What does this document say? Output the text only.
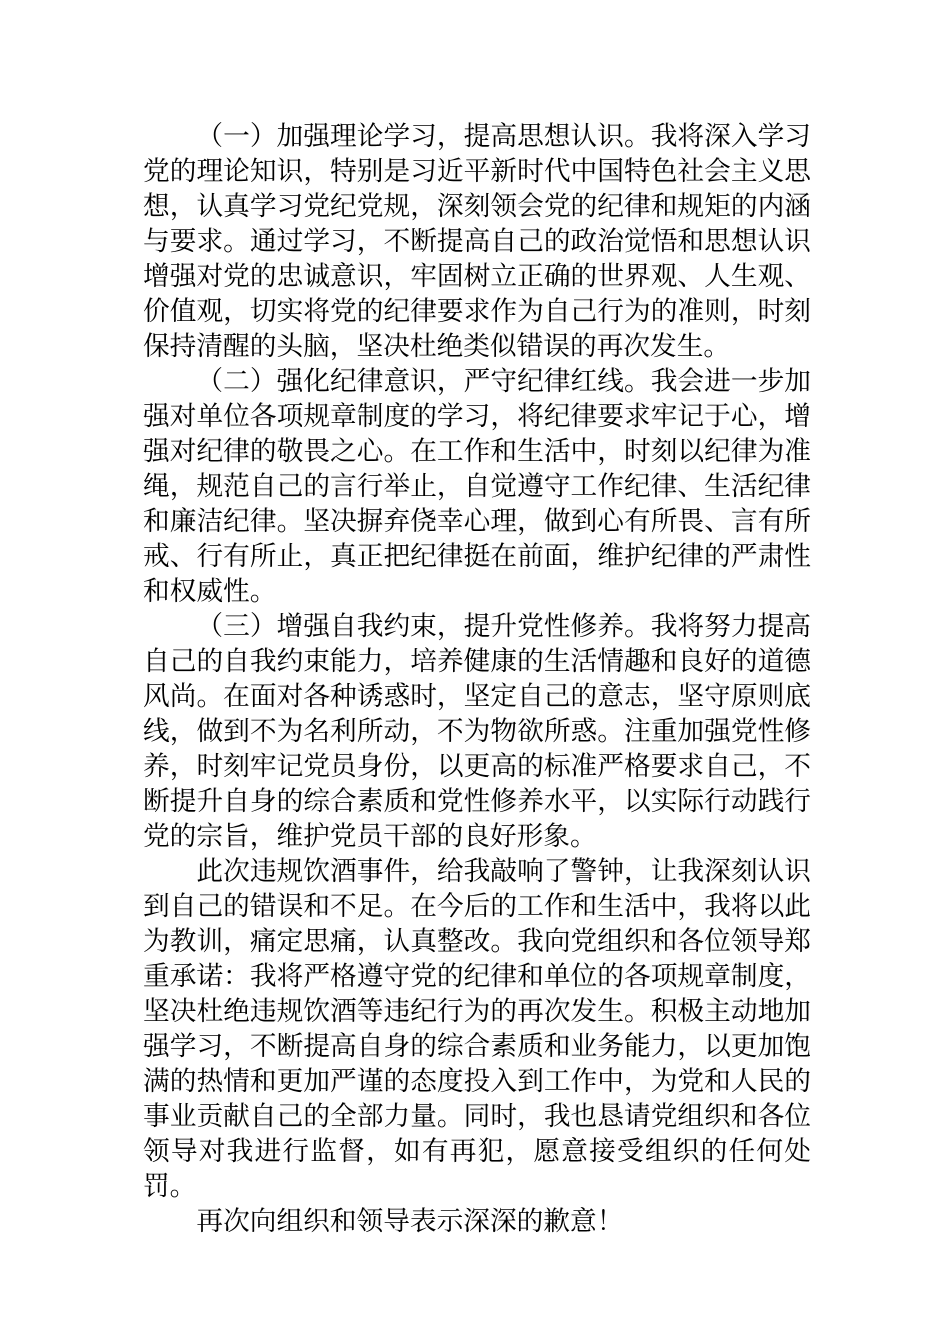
（一）加强理论学习，提高思想认识。我将深入学习党的理论知识，特别是习近平新时代中国特色社会主义思想，认真学习党纪党规，深刻领会党的纪律和规矩的内涵与要求。通过学习，不断提高自己的政治觉悟和思想认识增强对党的忠诚意识，牢固树立正确的世界观、人生观、价值观，切实将党的纪律要求作为自己行为的准则，时刻保持清醒的头脑，坚决杜绝类似错误的再次发生。

（二）强化纪律意识，严守纪律红线。我会进一步加强对单位各项规章制度的学习，将纪律要求牢记于心，增强对纪律的敬畏之心。在工作和生活中，时刻以纪律为准绳，规范自己的言行举止，自觉遵守工作纪律、生活纪律和廉洁纪律。坚决摒弃侥幸心理，做到心有所畏、言有所戒、行有所止，真正把纪律挺在前面，维护纪律的严肃性和权威性。

（三）增强自我约束，提升党性修养。我将努力提高自己的自我约束能力，培养健康的生活情趣和良好的道德风尚。在面对各种诱惑时，坚定自己的意志，坚守原则底线，做到不为名利所动，不为物欲所惑。注重加强党性修养，时刻牢记党员身份，以更高的标准严格要求自己，不断提升自身的综合素质和党性修养水平，以实际行动践行党的宗旨，维护党员干部的良好形象。

此次违规饮酒事件，给我敲响了警钟，让我深刻认识到自己的错误和不足。在今后的工作和生活中，我将以此为教训，痛定思痛，认真整改。我向党组织和各位领导郑重承诺：我将严格遵守党的纪律和单位的各项规章制度，坚决杜绝违规饮酒等违纪行为的再次发生。积极主动地加强学习，不断提高自身的综合素质和业务能力，以更加饱满的热情和更加严谨的态度投入到工作中，为党和人民的事业贡献自己的全部力量。同时，我也恳请党组织和各位领导对我进行监督，如有再犯，愿意接受组织的任何处罚。

再次向组织和领导表示深深的歉意！
